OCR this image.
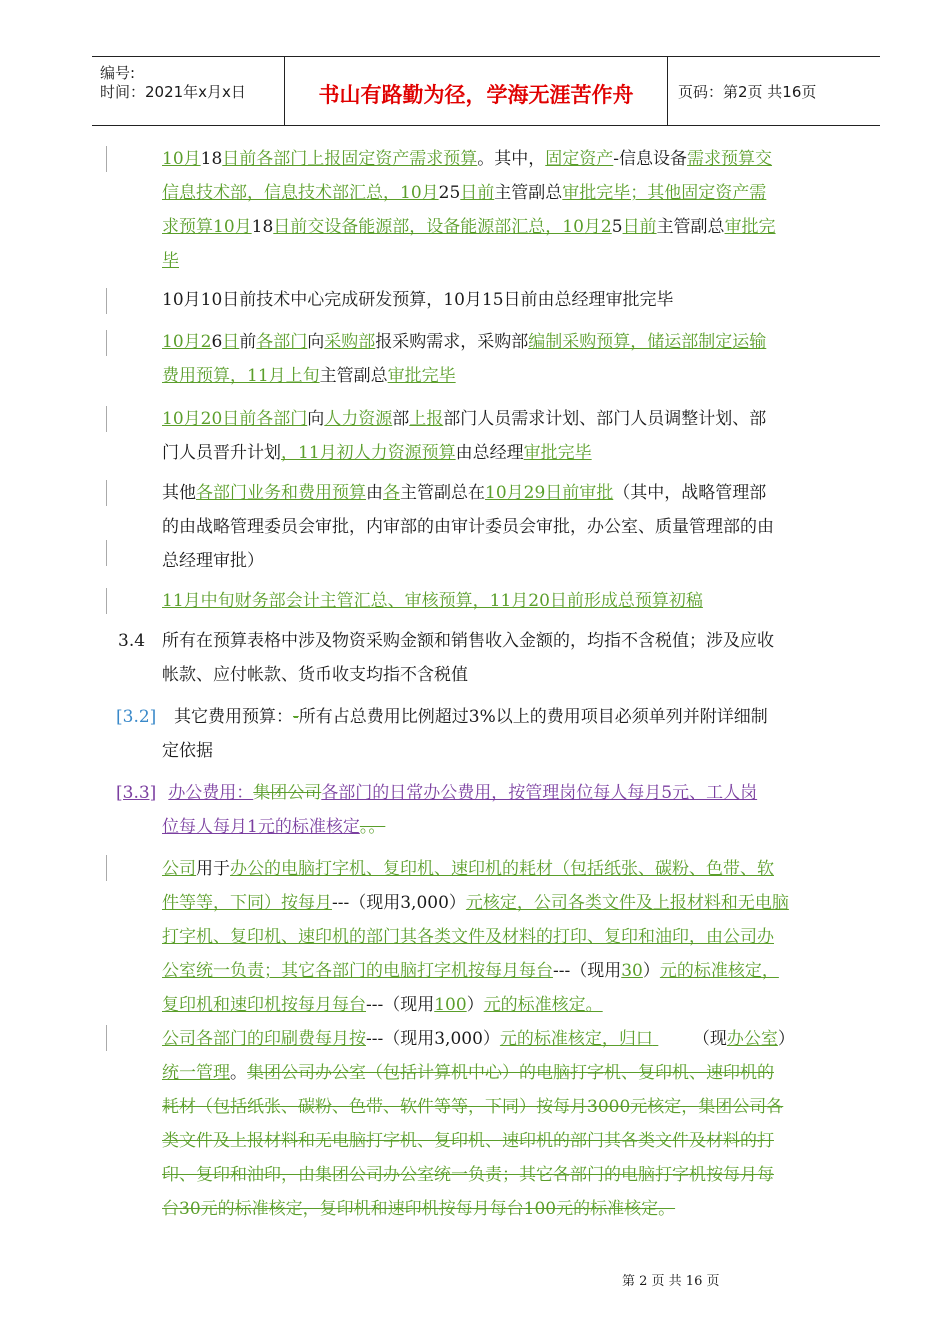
编号:
时间：2021年x月x日	书山有路勤为径，学海无涯苦作舟	页码：第2页 共16页
10月18日前各部门上报固定资产需求预算。其中，固定资产-信息设备需求预算交
信息技术部，信息技术部汇总，10月25日前主管副总审批完毕；其他固定资产需
求预算10月18日前交设备能源部，设备能源部汇总，10月25日前主管副总审批完
毕
10月10日前技术中心完成研发预算，10月15日前由总经理审批完毕
10月26日前各部门向采购部报采购需求，采购部编制采购预算，储运部制定运输
费用预算，11月上旬主管副总审批完毕
10月20日前各部门向人力资源部上报部门人员需求计划、部门人员调整计划、部
门人员晋升计划，11月初人力资源预算由总经理审批完毕
其他各部门业务和费用预算由各主管副总在10月29日前审批（其中，战略管理部
的由战略管理委员会审批，内审部的由审计委员会审批，办公室、质量管理部的由
总经理审批）
11月中旬财务部会计主管汇总、审核预算，11月20日前形成总预算初稿
3.4 所有在预算表格中涉及物资采购金额和销售收入金额的，均指不含税值；涉及应收
帐款、应付帐款、货币收支均指不含税值
[3.2] 其它费用预算：-所有占总费用比例超过3%以上的费用项目必须单列并附详细制
定依据
[3.3] 办公费用：集团公司各部门的日常办公费用，按管理岗位每人每月5元、工人岗
位每人每月1元的标准核定。。
公司用于办公的电脑打字机、复印机、速印机的耗材（包括纸张、碳粉、色带、软
件等等，下同）按每月---（现用3,000）元核定，公司各类文件及上报材料和无电脑
打字机、复印机、速印机的部门其各类文件及材料的打印、复印和油印，由公司办
公室统一负责；其它各部门的电脑打字机按每月每台---（现用30）元的标准核定，
复印机和速印机按每月每台---（现用100）元的标准核定。
公司各部门的印刷费每月按---（现用3,000）元的标准核定，归口 （现办公室）
统一管理。集团公司办公室（包括计算机中心）的电脑打字机、复印机、速印机的
耗材（包括纸张、碳粉、色带、软件等等，下同）按每月3000元核定，集团公司各
类文件及上报材料和无电脑打字机、复印机、速印机的部门其各类文件及材料的打
印、复印和油印，由集团公司办公室统一负责；其它各部门的电脑打字机按每月每
台30元的标准核定，复印机和速印机按每月每台100元的标准核定。
第 2 页 共 16 页
